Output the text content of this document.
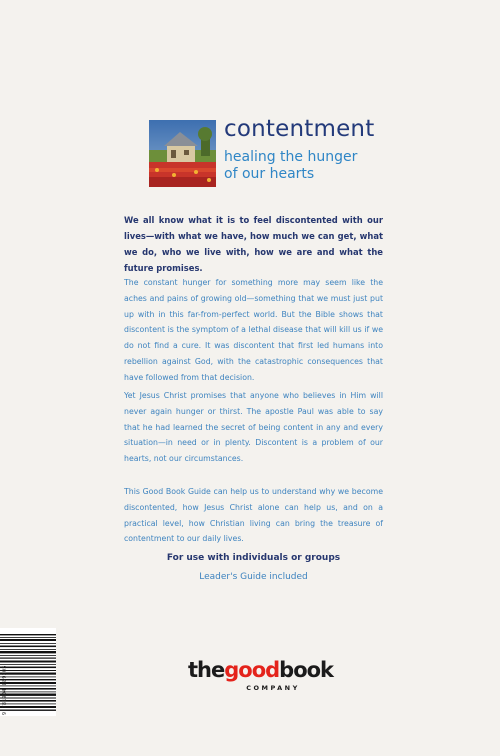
contentment
healing the hunger
of our hearts

We all know what it is to feel discontented with our lives—with what we have, how much we can get, what we do, who we live with, how we are and what the future promises.

The constant hunger for something more may seem like the aches and pains of growing old—something that we must just put up with in this far-from-perfect world. But the Bible shows that discontent is the symptom of a lethal disease that will kill us if we do not find a cure. It was discontent that first led humans into rebellion against God, with the catastrophic consequences that have followed from that decision.

Yet Jesus Christ promises that anyone who believes in Him will never again hunger or thirst. The apostle Paul was able to say that he had learned the secret of being content in any and every situation—in need or in plenty. Discontent is a problem of our hearts, not our circumstances.

This Good Book Guide can help us to understand why we become discontented, how Jesus Christ alone can help us, and on a practical level, how Christian living can bring the treasure of contentment to our daily lives.

For use with individuals or groups
Leader's Guide included
9 781904 889205	thegoodbook
COMPANY
